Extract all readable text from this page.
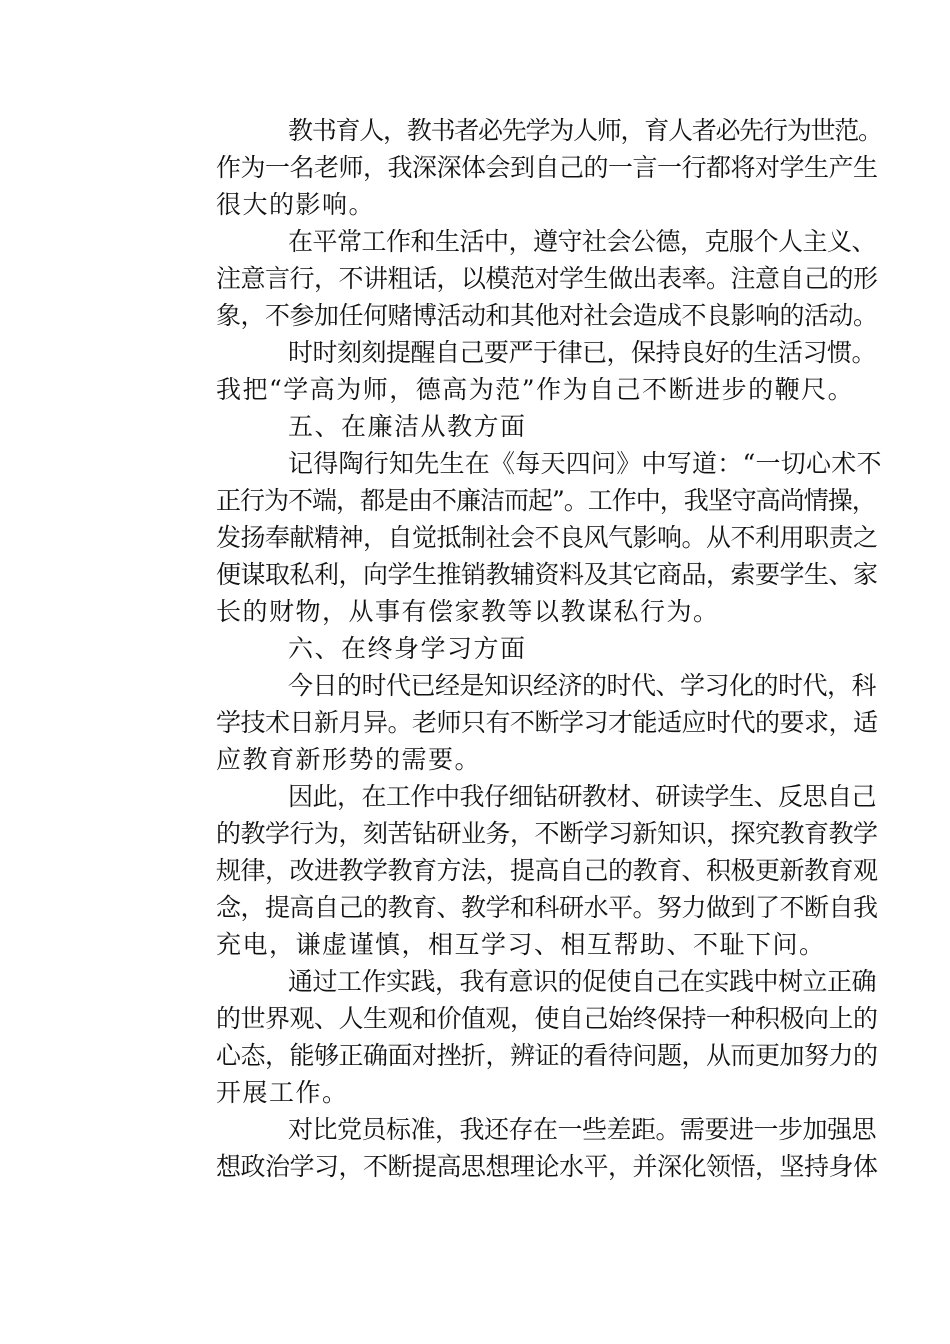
教书育人，教书者必先学为人师，育人者必先行为世范。
作为一名老师，我深深体会到自己的一言一行都将对学生产生
很大的影响。
在平常工作和生活中，遵守社会公德，克服个人主义、
注意言行，不讲粗话，以模范对学生做出表率。注意自己的形
象，不参加任何赌博活动和其他对社会造成不良影响的活动。
时时刻刻提醒自己要严于律已，保持良好的生活习惯。
我把“学高为师，德高为范”作为自己不断进步的鞭尺。
五、在廉洁从教方面
记得陶行知先生在《每天四问》中写道：“一切心术不
正行为不端，都是由不廉洁而起”。工作中，我坚守高尚情操，
发扬奉献精神，自觉抵制社会不良风气影响。从不利用职责之
便谋取私利，向学生推销教辅资料及其它商品，索要学生、家
长的财物，从事有偿家教等以教谋私行为。
六、在终身学习方面
今日的时代已经是知识经济的时代、学习化的时代，科
学技术日新月异。老师只有不断学习才能适应时代的要求，适
应教育新形势的需要。
因此，在工作中我仔细钻研教材、研读学生、反思自己
的教学行为，刻苦钻研业务，不断学习新知识，探究教育教学
规律，改进教学教育方法，提高自己的教育、积极更新教育观
念，提高自己的教育、教学和科研水平。努力做到了不断自我
充电，谦虚谨慎，相互学习、相互帮助、不耻下问。
通过工作实践，我有意识的促使自己在实践中树立正确
的世界观、人生观和价值观，使自己始终保持一种积极向上的
心态，能够正确面对挫折，辨证的看待问题，从而更加努力的
开展工作。
对比党员标准，我还存在一些差距。需要进一步加强思
想政治学习，不断提高思想理论水平，并深化领悟，坚持身体
